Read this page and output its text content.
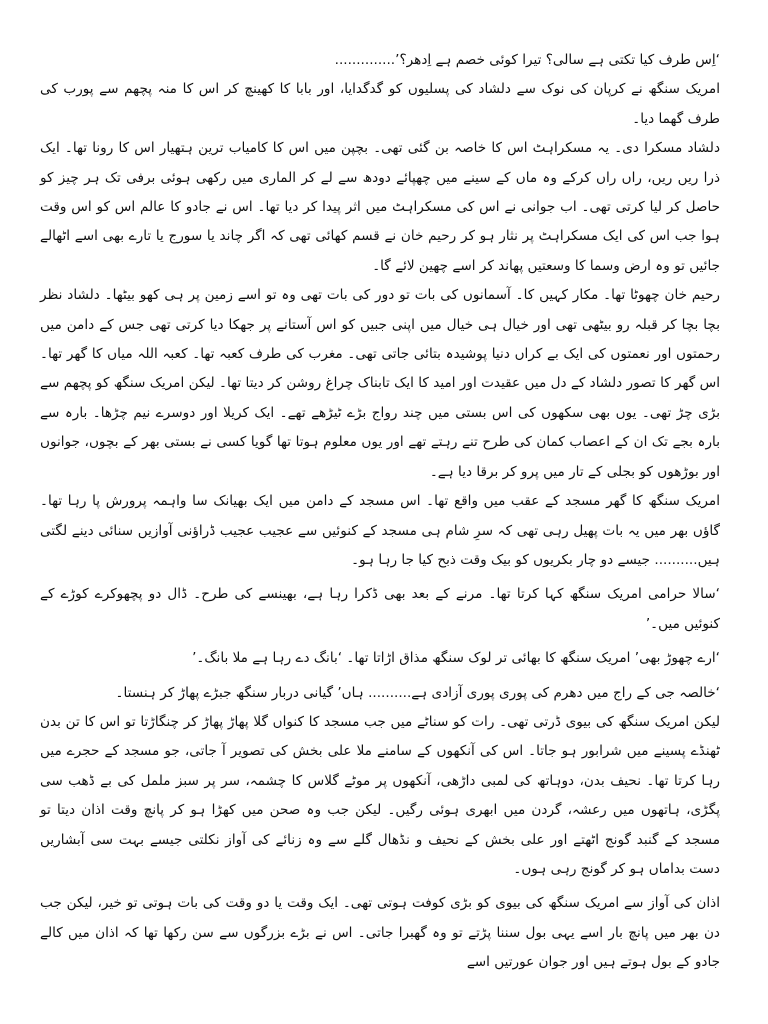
‘اِس طرف کیا تکتی ہے سالی؟ تیرا کوئی خصم ہے اِدھر؟’..............

امریک سنگھ نے کرپان کی نوک سے دلشاد کی پسلیوں کو گدگدایا، اور بابا کا کھینچ کر اس کا منہ پچھم سے پورب کی طرف گھما دیا۔

دلشاد مسکرا دی۔ یہ مسکراہٹ اس کا خاصہ بن گئی تھی۔ بچپن میں اس کا کامیاب ترین ہتھیار اس کا رونا تھا۔ ایک ذرا ریں ریں، راں راں کرکے وہ ماں کے سینے میں چھپائے دودھ سے لے کر الماری میں رکھی ہوئی برفی تک ہر چیز کو حاصل کر لیا کرتی تھی۔ اب جوانی نے اس کی مسکراہٹ میں اثر پیدا کر دیا تھا۔ اس نے جادو کا عالم اس کو اس وقت ہوا جب اس کی ایک مسکراہٹ پر نثار ہو کر رحیم خان نے قسم کھائی تھی کہ اگر چاند یا سورج یا تارے بھی اسے اٹھالے جائیں تو وہ ارض وسما کا وسعتیں پھاند کر اسے چھین لائے گا۔

رحیم خان چھوٹا تھا۔ مکار کہیں کا۔ آسمانوں کی بات تو دور کی بات تھی وہ تو اسے زمین پر ہی کھو بیٹھا۔ دلشاد نظر بچا بچا کر قبلہ رو بیٹھی تھی اور خیال ہی خیال میں اپنی جبیں کو اس آستانے پر جھکا دیا کرتی تھی جس کے دامن میں رحمتوں اور نعمتوں کی ایک بے کراں دنیا پوشیدہ بتائی جاتی تھی۔ مغرب کی طرف کعبہ تھا۔ کعبہ اللہ میاں کا گھر تھا۔ اس گھر کا تصور دلشاد کے دل میں عقیدت اور امید کا ایک تابناک چراغ روشن کر دیتا تھا۔ لیکن امریک سنگھ کو پچھم سے بڑی چڑ تھی۔ یوں بھی سکھوں کی اس بستی میں چند رواج بڑے ٹیڑھے تھے۔ ایک کریلا اور دوسرے نیم چڑھا۔ بارہ سے بارہ بجے تک ان کے اعصاب کمان کی طرح تنے رہتے تھے اور یوں معلوم ہوتا تھا گویا کسی نے بستی بھر کے بچوں، جوانوں اور بوڑھوں کو بجلی کے تار میں پرو کر برقا دیا ہے۔

امریک سنگھ کا گھر مسجد کے عقب میں واقع تھا۔ اس مسجد کے دامن میں ایک بھیانک سا واہمہ پرورش پا رہا تھا۔ گاؤں بھر میں یہ بات پھیل رہی تھی کہ سرِ شام ہی مسجد کے کنوئیں سے عجیب عجیب ڈراؤنی آوازیں سنائی دینے لگتی ہیں.......... جیسے دو چار بکریوں کو بیک وقت ذبح کیا جا رہا ہو۔

‘سالا حرامی امریک سنگھ کہا کرتا تھا۔ مرنے کے بعد بھی ڈکرا رہا ہے، بھینسے کی طرح۔ ڈال دو پچھوکرے کوڑے کے کنوئیں میں۔’

‘ارے چھوڑ بھی’ امریک سنگھ کا بھائی تر لوک سنگھ مذاق اڑاتا تھا۔ ‘بانگ دے رہا ہے ملا بانگ۔’

‘خالصہ جی کے راج میں دھرم کی پوری پوری آزادی ہے.......... ہاں’ گیانی دربار سنگھ جبڑے پھاڑ کر ہنستا۔

لیکن امریک سنگھ کی بیوی ڈرتی تھی۔ رات کو سناٹے میں جب مسجد کا کنواں گلا پھاڑ پھاڑ کر چنگاڑتا تو اس کا تن بدن ٹھنڈے پسینے میں شرابور ہو جاتا۔ اس کی آنکھوں کے سامنے ملا علی بخش کی تصویر آ جاتی، جو مسجد کے حجرے میں رہا کرتا تھا۔ نحیف بدن، دوہاتھ کی لمبی داڑھی، آنکھوں پر موٹے گلاس کا چشمہ، سر پر سبز ململ کی بے ڈھب سی پگڑی، ہاتھوں میں رعشہ، گردن میں ابھری ہوئی رگیں۔ لیکن جب وہ صحن میں کھڑا ہو کر پانچ وقت اذان دیتا تو مسجد کے گنبد گونج اٹھتے اور علی بخش کے نحیف و نڈھال گلے سے وہ زنائے کی آواز نکلتی جیسے بہت سی آبشاریں دست بداماں ہو کر گونج رہی ہوں۔

اذان کی آواز سے امریک سنگھ کی بیوی کو بڑی کوفت ہوتی تھی۔ ایک وقت یا دو وقت کی بات ہوتی تو خیر، لیکن جب دن بھر میں پانچ بار اسے یہی بول سننا پڑتے تو وہ گھبرا جاتی۔ اس نے بڑے بزرگوں سے سن رکھا تھا کہ اذان میں کالے جادو کے بول ہوتے ہیں اور جوان عورتیں اسے
